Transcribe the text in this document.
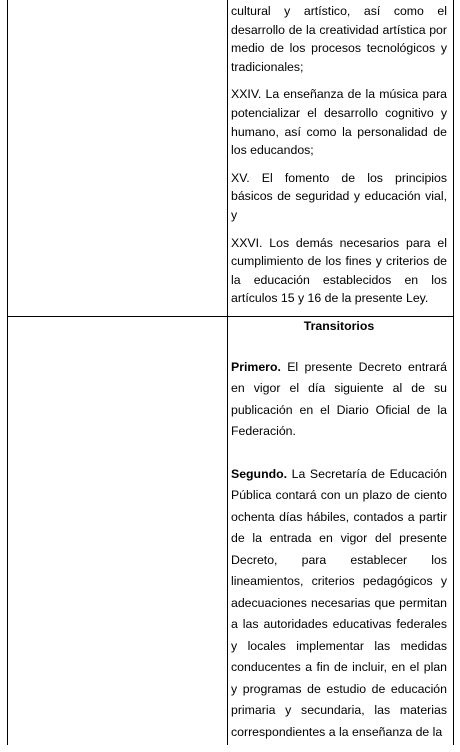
cultural y artístico, así como el desarrollo de la creatividad artística por medio de los procesos tecnológicos y tradicionales;

XXIV. La enseñanza de la música para potencializar el desarrollo cognitivo y humano, así como la personalidad de los educandos;

XV. El fomento de los principios básicos de seguridad y educación vial, y

XXVI. Los demás necesarios para el cumplimiento de los fines y criterios de la educación establecidos en los artículos 15 y 16 de la presente Ley.

Transitorios

Primero. El presente Decreto entrará en vigor el día siguiente al de su publicación en el Diario Oficial de la Federación.

Segundo. La Secretaría de Educación Pública contará con un plazo de ciento ochenta días hábiles, contados a partir de la entrada en vigor del presente Decreto, para establecer los lineamientos, criterios pedagógicos y adecuaciones necesarias que permitan a las autoridades educativas federales y locales implementar las medidas conducentes a fin de incluir, en el plan y programas de estudio de educación primaria y secundaria, las materias correspondientes a la enseñanza de la
